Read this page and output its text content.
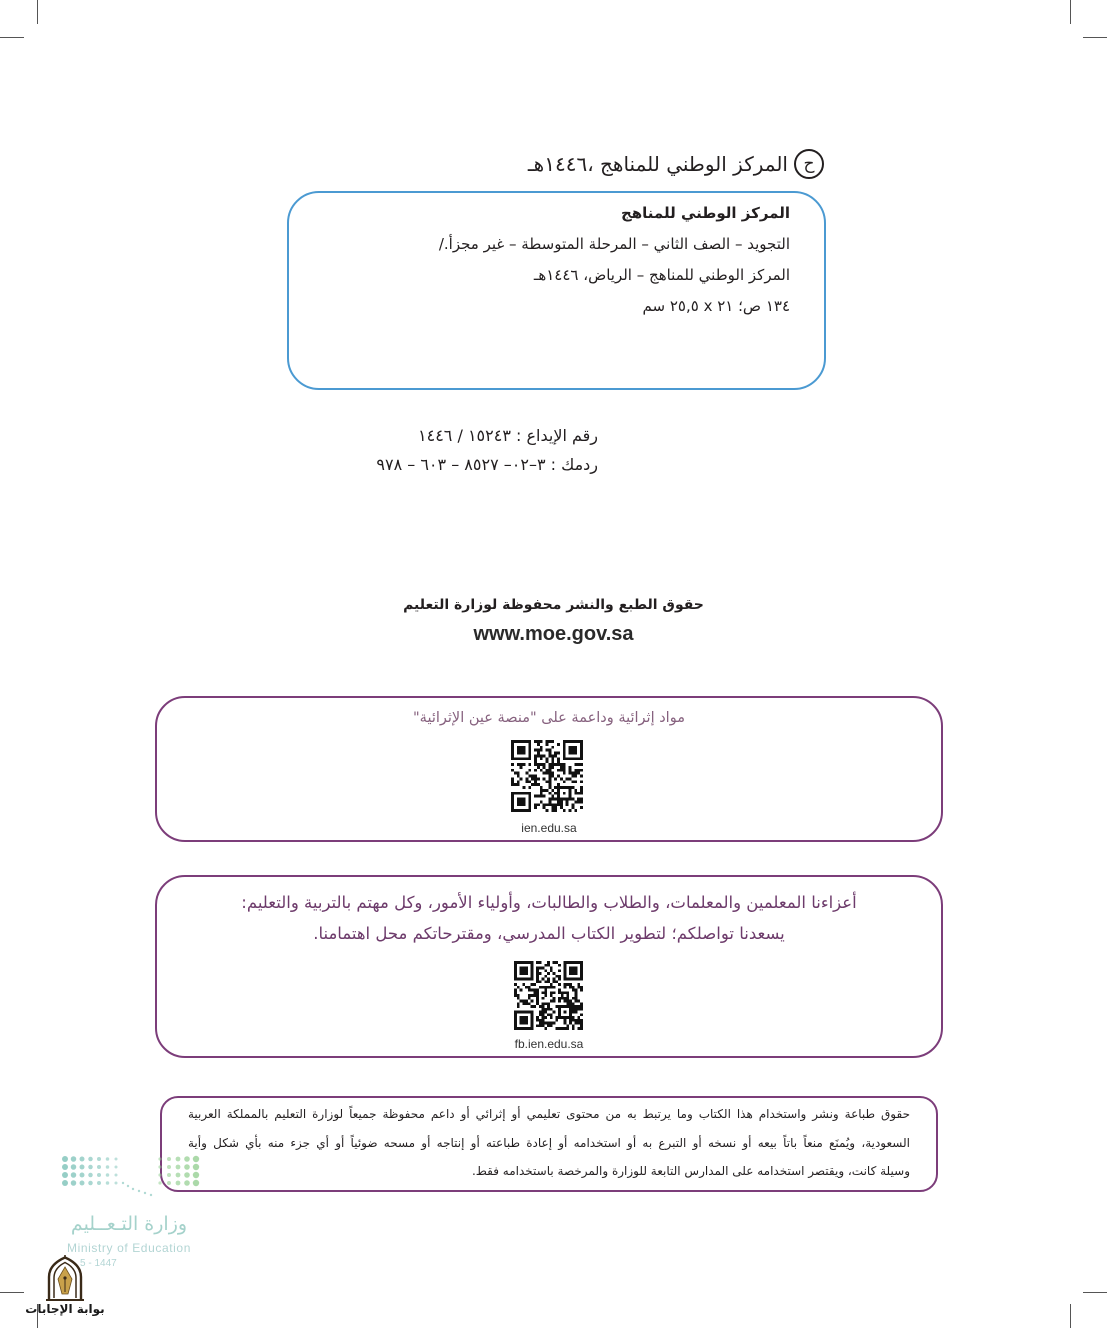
ح
المركز الوطني للمناهج ،١٤٤٦هـ
المركز الوطني للمناهج
التجويد – الصف الثاني – المرحلة المتوسطة – غير مجزأ./
المركز الوطني للمناهج – الرياض، ١٤٤٦هـ
١٣٤ ص؛ ٢١ x ٢٥,٥ سم
رقم الإيداع : ١٥٢٤٣ / ١٤٤٦
ردمك : ٣–٠٢– ٨٥٢٧ – ٦٠٣ – ٩٧٨
حقوق الطبع والنشر محفوظة لوزارة التعليم
www.moe.gov.sa
مواد إثرائية وداعمة على "منصة عين الإثرائية"
ien.edu.sa
أعزاءنا المعلمين والمعلمات، والطلاب والطالبات، وأولياء الأمور، وكل مهتم بالتربية والتعليم:
يسعدنا تواصلكم؛ لتطوير الكتاب المدرسي، ومقترحاتكم محل اهتمامنا.
fb.ien.edu.sa
حقوق طباعة ونشر واستخدام هذا الكتاب وما يرتبط به من محتوى تعليمي أو إثرائي أو داعم محفوظة جميعاً لوزارة التعليم بالمملكة العربية
السعودية، ويُمنَع منعاً باتاً بيعه أو نسخه أو التبرع به أو استخدامه أو إعادة طباعته أو إنتاجه أو مسحه ضوئياً أو أي جزء منه بأي شكل وأية
وسيلة كانت، ويقتصر استخدامه على المدارس التابعة للوزارة والمرخصة باستخدامه فقط.
وزارة التـعــليم
Ministry of Education
5 - 1447
بوابة الإجابات
